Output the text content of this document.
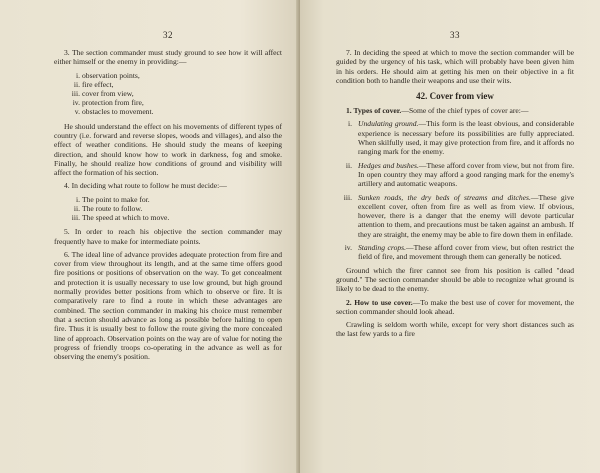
32

3. The section commander must study ground to see how it will affect either himself or the enemy in providing:—

i. observation points,
ii. fire effect,
iii. cover from view,
iv. protection from fire,
v. obstacles to movement.

He should understand the effect on his movements of different types of country (i.e. forward and reverse slopes, woods and villages), and also the effect of weather conditions. He should study the means of keeping direction, and should know how to work in darkness, fog and smoke. Finally, he should realize how conditions of ground and visibility will affect the formation of his section.

4. In deciding what route to follow he must decide:—

i. The point to make for.
ii. The route to follow.
iii. The speed at which to move.

5. In order to reach his objective the section commander may frequently have to make for intermediate points.

6. The ideal line of advance provides adequate protection from fire and cover from view throughout its length, and at the same time offers good fire positions or positions of observation on the way. To get concealment and protection it is usually necessary to use low ground, but high ground normally provides better positions from which to observe or fire. It is comparatively rare to find a route in which these advantages are combined. The section commander in making his choice must remember that a section should advance as long as possible before halting to open fire. Thus it is usually best to follow the route giving the more concealed line of approach. Observation points on the way are of value for noting the progress of friendly troops co-operating in the advance as well as for observing the enemy's position.

33

7. In deciding the speed at which to move the section commander will be guided by the urgency of his task, which will probably have been given him in his orders. He should aim at getting his men on their objective in a fit condition both to handle their weapons and use their wits.

42. Cover from view

1. Types of cover.—Some of the chief types of cover are:—

i. Undulating ground.—This form is the least obvious, and considerable experience is necessary before its possibilities are fully appreciated. When skilfully used, it may give protection from fire, and it affords no ranging mark for the enemy.
ii. Hedges and bushes.—These afford cover from view, but not from fire. In open country they may afford a good ranging mark for the enemy's artillery and automatic weapons.
iii. Sunken roads, the dry beds of streams and ditches.—These give excellent cover, often from fire as well as from view. If obvious, however, there is a danger that the enemy will devote particular attention to them, and precautions must be taken against an ambush. If they are straight, the enemy may be able to fire down them in enfilade.
iv. Standing crops.—These afford cover from view, but often restrict the field of fire, and movement through them can generally be noticed.

Ground which the firer cannot see from his position is called "dead ground." The section commander should be able to recognize what ground is likely to be dead to the enemy.

2. How to use cover.—To make the best use of cover for movement, the section commander should look ahead.

Crawling is seldom worth while, except for very short distances such as the last few yards to a fire
